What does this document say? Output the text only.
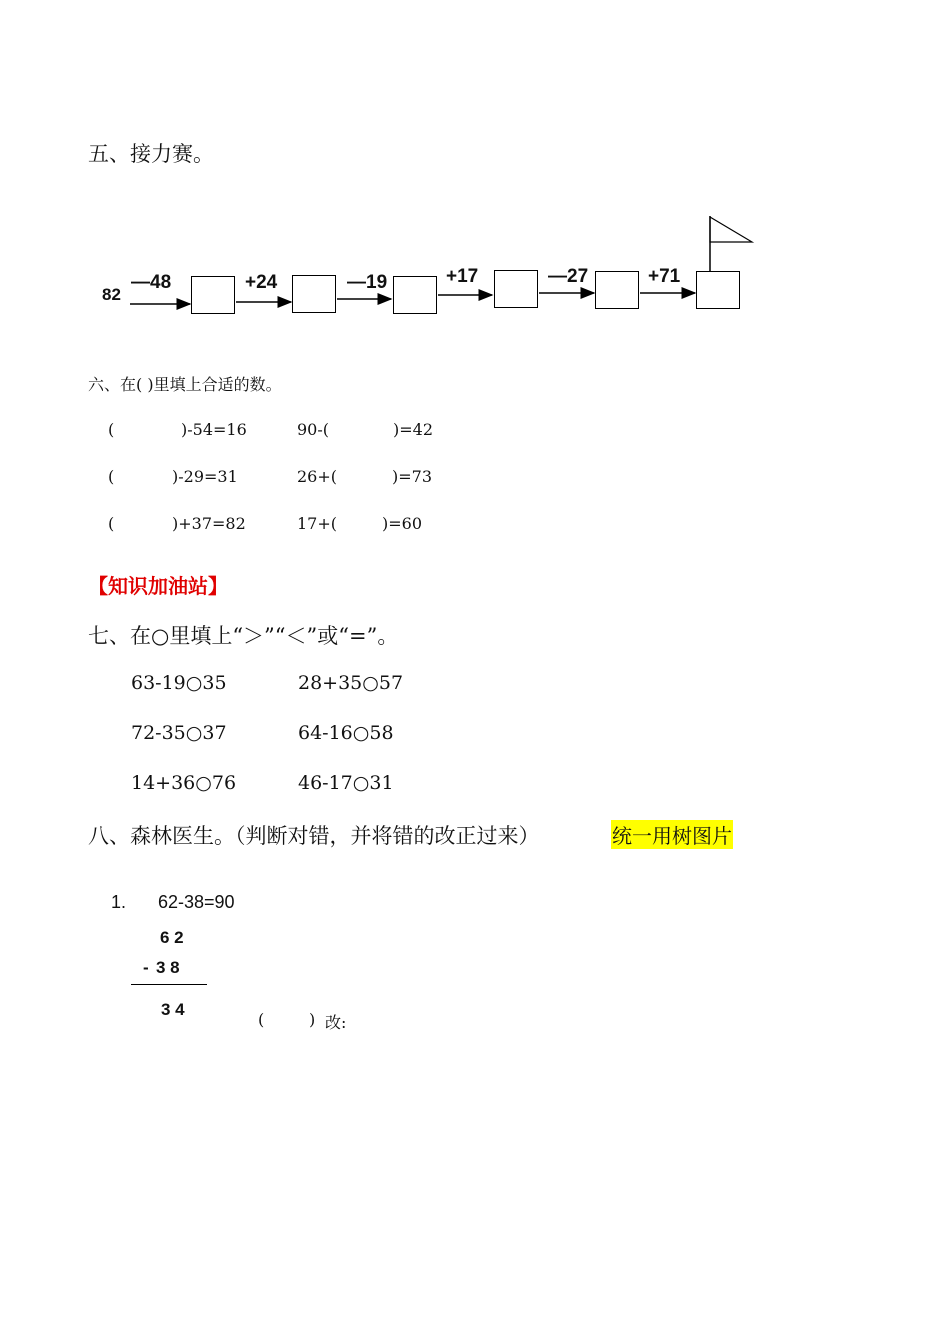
五、接力赛。
82
—48	+24	—19	+17	—27	+71
六、在( )里填上合适的数。
(	)-54=16	90-(	)=42
(	)-29=31	26+(	)=73
(	)+37=82	17+(	)=60
【知识加油站】
七、在○里填上“＞”“＜”或“=”。
63-19○35	28+35○57
72-35○37	64-16○58
14+36○76	46-17○31
八、森林医生。（判断对错，并将错的改正过来）	统一用树图片
1. 62-38=90
6 2
- 3 8
3 4
(	) 改:
